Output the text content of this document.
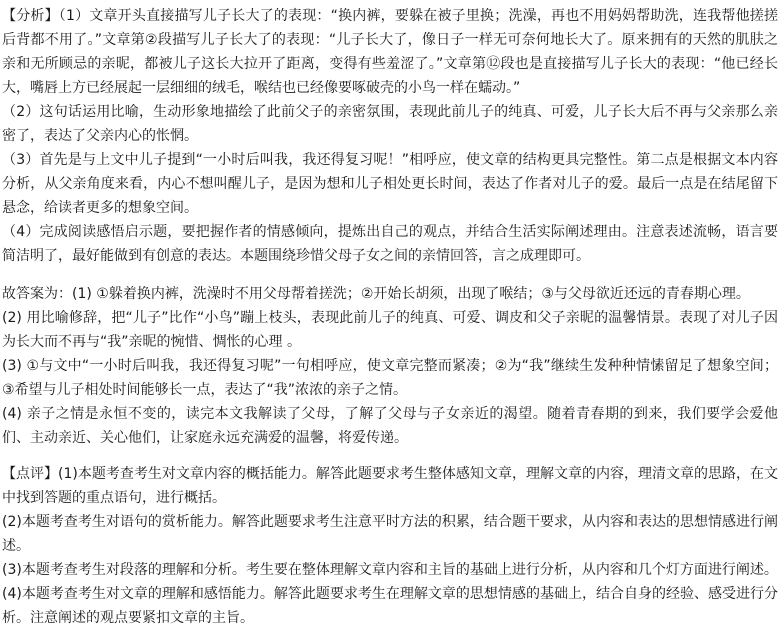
【分析】（1）文章开头直接描写儿子长大了的表现：“换内裤，要躲在被子里换；洗澡，再也不用妈妈帮助洗，连我帮他搓搓后背都不用了。”文章第②段描写儿子长大了的表现：“儿子长大了，像日子一样无可奈何地长大了。原来拥有的天然的肌肤之亲和无所顾忌的亲昵，都被儿子这长大拉开了距离，变得有些羞涩了。”文章第⑫段也是直接描写儿子长大的表现：“他已经长大，嘴唇上方已经展起一层细细的绒毛，喉结也已经像要啄破壳的小鸟一样在蠕动。”

（2）这句话运用比喻，生动形象地描绘了此前父子的亲密氛围，表现此前儿子的纯真、可爱，儿子长大后不再与父亲那么亲密了，表达了父亲内心的怅惘。

（3）首先是与上文中儿子提到“一小时后叫我，我还得复习呢！”相呼应，使文章的结构更具完整性。第二点是根据文本内容分析，从父亲角度来看，内心不想叫醒儿子，是因为想和儿子相处更长时间，表达了作者对儿子的爱。最后一点是在结尾留下悬念，给读者更多的想象空间。

（4）完成阅读感悟启示题，要把握作者的情感倾向，提炼出自己的观点，并结合生活实际阐述理由。注意表述流畅，语言要简洁明了，最好能做到有创意的表达。本题围绕珍惜父母子女之间的亲情回答，言之成理即可。

故答案为：(1) ①躲着换内裤，洗澡时不用父母帮着搓洗；②开始长胡须，出现了喉结；③与父母欲近还远的青春期心理。

(2) 用比喻修辞，把“儿子”比作“小鸟”蹦上枝头，表现此前儿子的纯真、可爱、调皮和父子亲昵的温馨情景。表现了对儿子因为长大而不再与“我”亲昵的惋惜、惆怅的心理 。

(3) ①与文中“一小时后叫我，我还得复习呢”一句相呼应，使文章完整而紧凑；②为“我”继续生发种种情愫留足了想象空间；③希望与儿子相处时间能够长一点，表达了“我”浓浓的亲子之情。

(4) 亲子之情是永恒不变的，读完本文我解读了父母，了解了父母与子女亲近的渴望。随着青春期的到来，我们要学会爱他们、主动亲近、关心他们，让家庭永远充满爱的温馨，将爱传递。

【点评】(1)本题考查考生对文章内容的概括能力。解答此题要求考生整体感知文章，理解文章的内容，理清文章的思路，在文中找到答题的重点语句，进行概括。

(2)本题考查考生对语句的赏析能力。解答此题要求考生注意平时方法的积累，结合题干要求，从内容和表达的思想情感进行阐述。

(3)本题考查考生对段落的理解和分析。考生要在整体理解文章内容和主旨的基础上进行分析，从内容和几个灯方面进行阐述。

(4)本题考查考生对文章的理解和感悟能力。解答此题要求考生在理解文章的思想情感的基础上，结合自身的经验、感受进行分析。注意阐述的观点要紧扣文章的主旨。
